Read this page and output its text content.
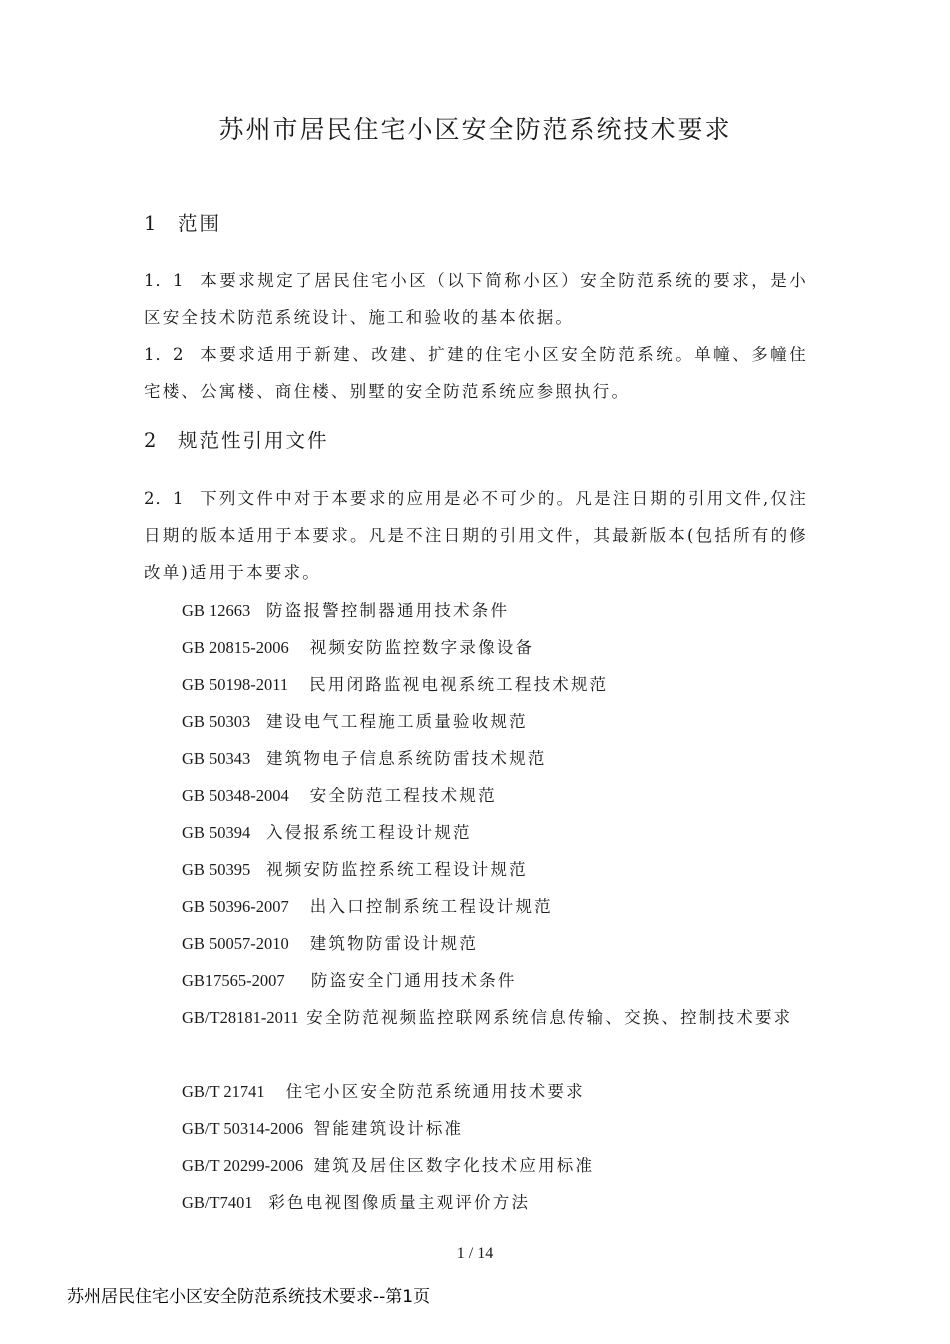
苏州市居民住宅小区安全防范系统技术要求
1 范围
1．1 本要求规定了居民住宅小区（以下简称小区）安全防范系统的要求，是小区安全技术防范系统设计、施工和验收的基本依据。
1．2 本要求适用于新建、改建、扩建的住宅小区安全防范系统。单幢、多幢住宅楼、公寓楼、商住楼、别墅的安全防范系统应参照执行。
2 规范性引用文件
2．1 下列文件中对于本要求的应用是必不可少的。凡是注日期的引用文件,仅注日期的版本适用于本要求。凡是不注日期的引用文件，其最新版本(包括所有的修改单)适用于本要求。
GB 12663 防盗报警控制器通用技术条件
GB 20815-2006 视频安防监控数字录像设备
GB 50198-2011 民用闭路监视电视系统工程技术规范
GB 50303 建设电气工程施工质量验收规范
GB 50343 建筑物电子信息系统防雷技术规范
GB 50348-2004 安全防范工程技术规范
GB 50394 入侵报系统工程设计规范
GB 50395 视频安防监控系统工程设计规范
GB 50396-2007 出入口控制系统工程设计规范
GB 50057-2010 建筑物防雷设计规范
GB17565-2007 防盗安全门通用技术条件
GB/T28181-2011 安全防范视频监控联网系统信息传输、交换、控制技术要求
GB/T 21741 住宅小区安全防范系统通用技术要求
GB/T 50314-2006 智能建筑设计标准
GB/T 20299-2006 建筑及居住区数字化技术应用标准
GB/T7401 彩色电视图像质量主观评价方法
1 / 14
苏州居民住宅小区安全防范系统技术要求--第1页
